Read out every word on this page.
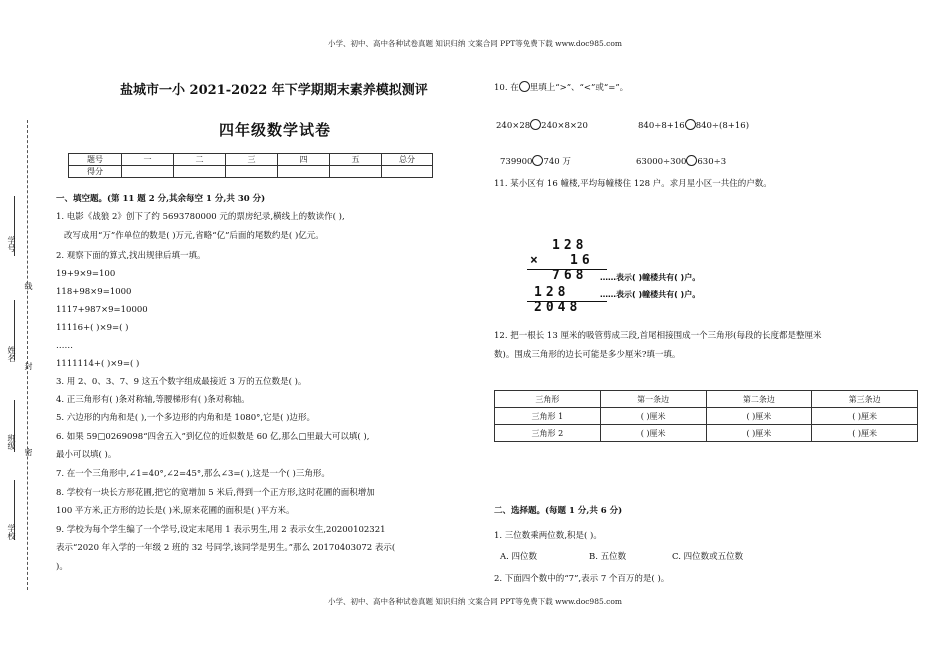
小学、初中、高中各种试卷真题 知识归纳 文案合同 PPT等免费下载 www.doc985.com
小学、初中、高中各种试卷真题 知识归纳 文案合同 PPT等免费下载 www.doc985.com
学号
线
姓名
封
班级
密
学校
盐城市一小 2021-2022 年下学期期末素养模拟测评
四年级数学试卷
题号	一	二	三	四	五	总分
得分						
一、填空题。(第 11 题 2 分,其余每空 1 分,共 30 分)
1. 电影《战狼 2》创下了约 5693780000 元的票房纪录,横线上的数读作( ),
改写成用“万”作单位的数是( )万元,省略“亿”后面的尾数约是( )亿元。
2. 观察下面的算式,找出规律后填一填。
19+9×9=100
118+98×9=1000
1117+987×9=10000
11116+( )×9=( )
……
1111114+( )×9=( )
3. 用 2、0、3、7、9 这五个数字组成最接近 3 万的五位数是( )。
4. 正三角形有( )条对称轴,等腰梯形有( )条对称轴。
5. 六边形的内角和是( ),一个多边形的内角和是 1080°,它是( )边形。
6. 如果 59□0269098“四舍五入”到亿位的近似数是 60 亿,那么□里最大可以填( ),
最小可以填( )。
7. 在一个三角形中,∠1=40°,∠2=45°,那么∠3=( ),这是一个( )三角形。
8. 学校有一块长方形花圃,把它的宽增加 5 米后,得到一个正方形,这时花圃的面积增加
100 平方米,正方形的边长是( )米,原来花圃的面积是( )平方米。
9. 学校为每个学生编了一个学号,设定末尾用 1 表示男生,用 2 表示女生,20200102321
表示“2020 年入学的一年级 2 班的 32 号同学,该同学是男生。”那么 20170403072 表示(
)。
10. 在 里填上“>”、“<”或“=”。
240×28 240×8×20	840÷8+16 840÷(8+16)
739900 740 万	63000÷300 630÷3
11. 某小区有 16 幢楼,平均每幢楼住 128 户。求月星小区一共住的户数。
128
× 16
768 ……表示( )幢楼共有( )户。
128	……表示( )幢楼共有( )户。
2048
12. 把一根长 13 厘米的吸管剪成三段,首尾相接围成一个三角形(每段的长度都是整厘米
数)。围成三角形的边长可能是多少厘米?填一填。
三角形	第一条边	第二条边	第三条边
三角形 1	( )厘米	( )厘米	( )厘米
三角形 2	( )厘米	( )厘米	( )厘米
二、选择题。(每题 1 分,共 6 分)
1. 三位数乘两位数,积是( )。
A. 四位数	B. 五位数	C. 四位数或五位数
2. 下面四个数中的“7”,表示 7 个百万的是( )。
